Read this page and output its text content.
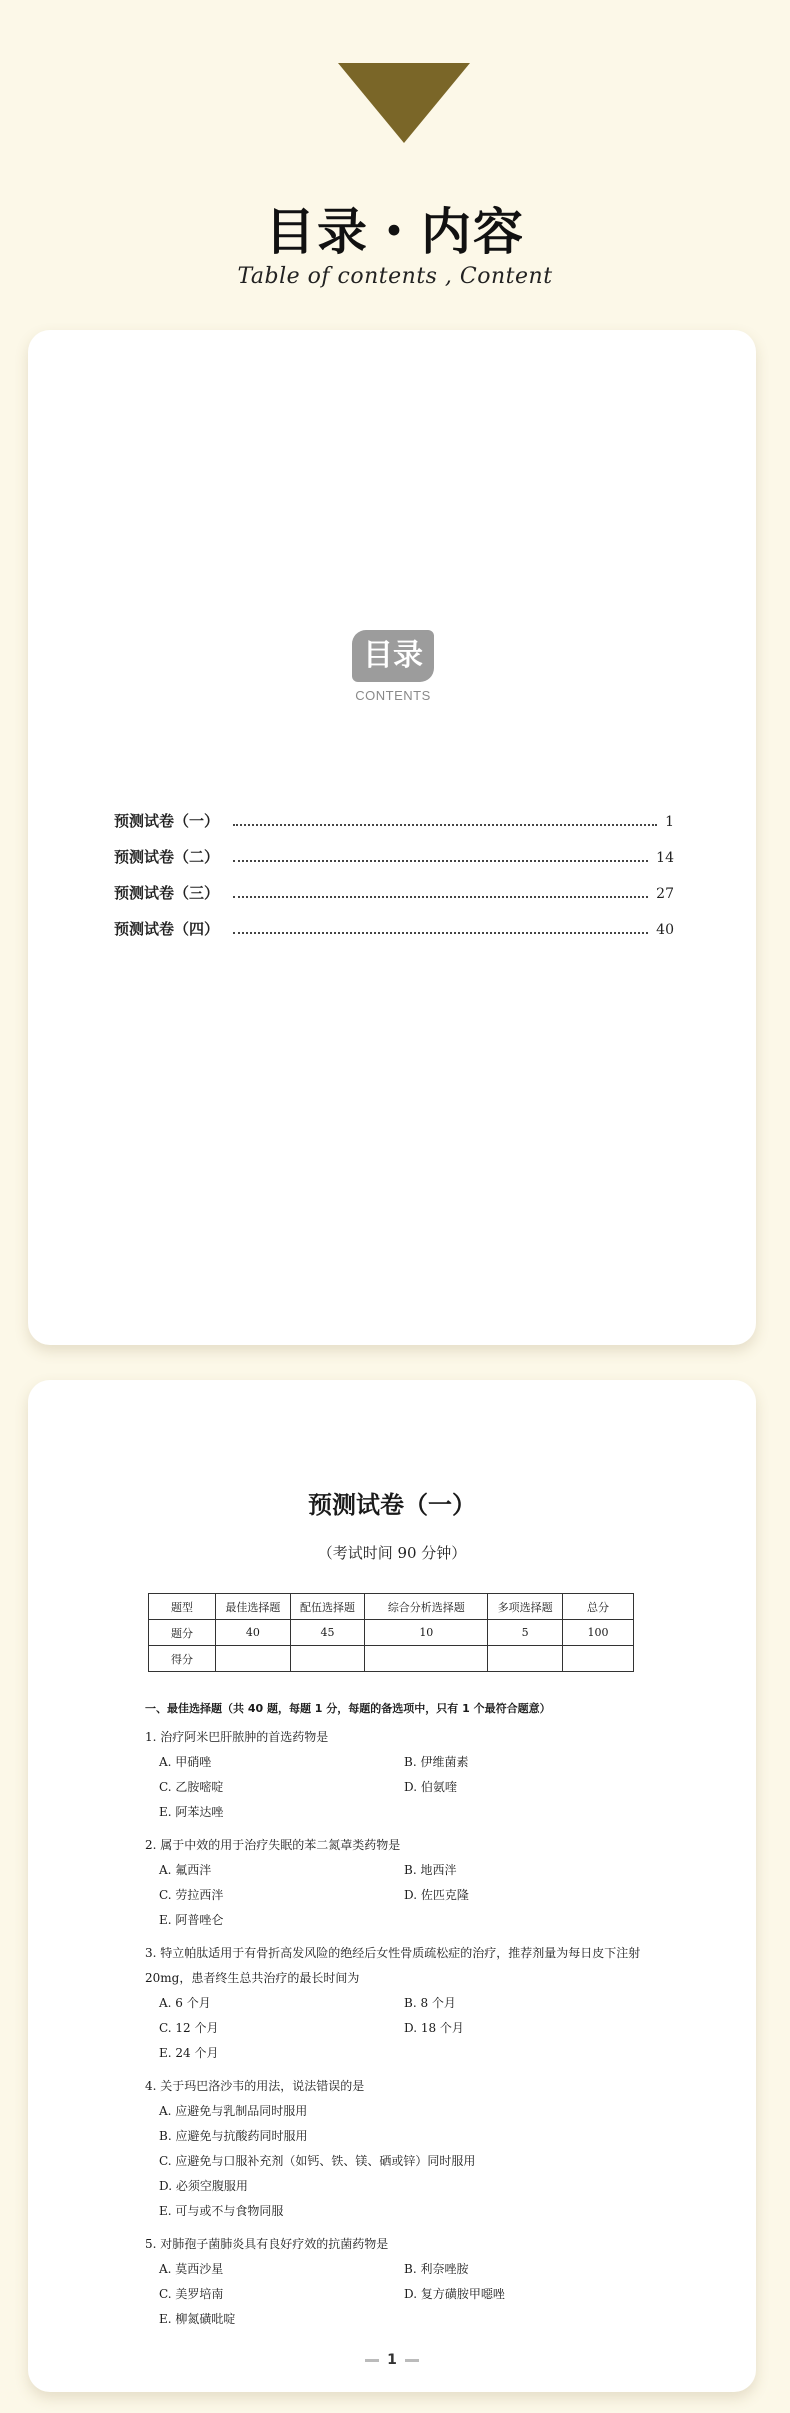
目录・内容
Table of contents , Content
目录
CONTENTS
预测试卷（一）	1
预测试卷（二）	14
预测试卷（三）	27
预测试卷（四）	40
预测试卷（一）
（考试时间 90 分钟）
题型	最佳选择题	配伍选择题	综合分析选择题	多项选择题	总分
题分	40	45	10	5	100
得分					
一、最佳选择题（共 40 题，每题 1 分，每题的备选项中，只有 1 个最符合题意）
1. 治疗阿米巴肝脓肿的首选药物是
A. 甲硝唑	B. 伊维菌素
C. 乙胺嘧啶	D. 伯氨喹
E. 阿苯达唑
2. 属于中效的用于治疗失眠的苯二氮䓬类药物是
A. 氟西泮	B. 地西泮
C. 劳拉西泮	D. 佐匹克隆
E. 阿普唑仑
3. 特立帕肽适用于有骨折高发风险的绝经后女性骨质疏松症的治疗，推荐剂量为每日皮下注射 20mg，患者终生总共治疗的最长时间为
A. 6 个月	B. 8 个月
C. 12 个月	D. 18 个月
E. 24 个月
4. 关于玛巴洛沙韦的用法，说法错误的是
A. 应避免与乳制品同时服用
B. 应避免与抗酸药同时服用
C. 应避免与口服补充剂（如钙、铁、镁、硒或锌）同时服用
D. 必须空腹服用
E. 可与或不与食物同服
5. 对肺孢子菌肺炎具有良好疗效的抗菌药物是
A. 莫西沙星	B. 利奈唑胺
C. 美罗培南	D. 复方磺胺甲噁唑
E. 柳氮磺吡啶
1
